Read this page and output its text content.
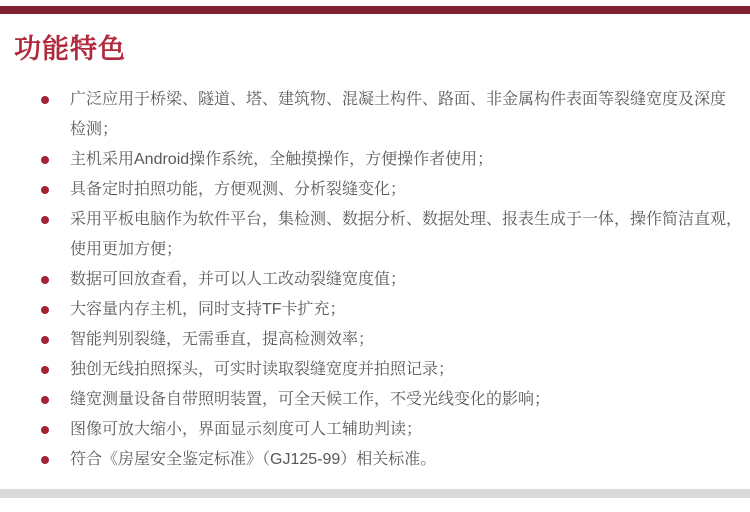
功能特色
广泛应用于桥梁、隧道、塔、建筑物、混凝土构件、路面、非金属构件表面等裂缝宽度及深度
检测；
主机采用Android操作系统，全触摸操作，方便操作者使用；
具备定时拍照功能，方便观测、分析裂缝变化；
采用平板电脑作为软件平台，集检测、数据分析、数据处理、报表生成于一体，操作简洁直观，
使用更加方便；
数据可回放查看，并可以人工改动裂缝宽度值；
大容量内存主机，同时支持TF卡扩充；
智能判别裂缝，无需垂直，提高检测效率；
独创无线拍照探头，可实时读取裂缝宽度并拍照记录；
缝宽测量设备自带照明装置，可全天候工作，不受光线变化的影响；
图像可放大缩小，界面显示刻度可人工辅助判读；
符合《房屋安全鉴定标准》（GJ125-99）相关标准。
